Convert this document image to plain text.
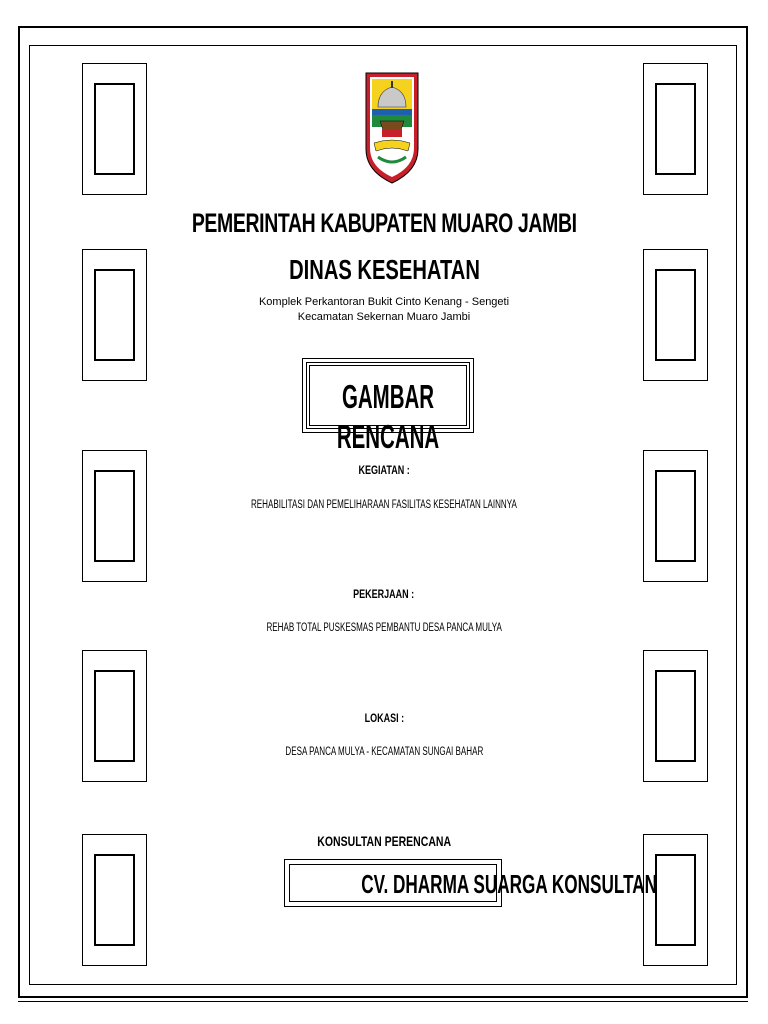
PEMERINTAH KABUPATEN MUARO JAMBI
DINAS KESEHATAN
Komplek Perkantoran Bukit Cinto Kenang - Sengeti
Kecamatan Sekernan Muaro Jambi
GAMBAR RENCANA
KEGIATAN :
REHABILITASI DAN PEMELIHARAAN FASILITAS KESEHATAN LAINNYA
PEKERJAAN :
REHAB TOTAL PUSKESMAS PEMBANTU DESA PANCA MULYA
LOKASI :
DESA PANCA MULYA - KECAMATAN SUNGAI BAHAR
KONSULTAN PERENCANA
CV. DHARMA SUARGA KONSULTAN
